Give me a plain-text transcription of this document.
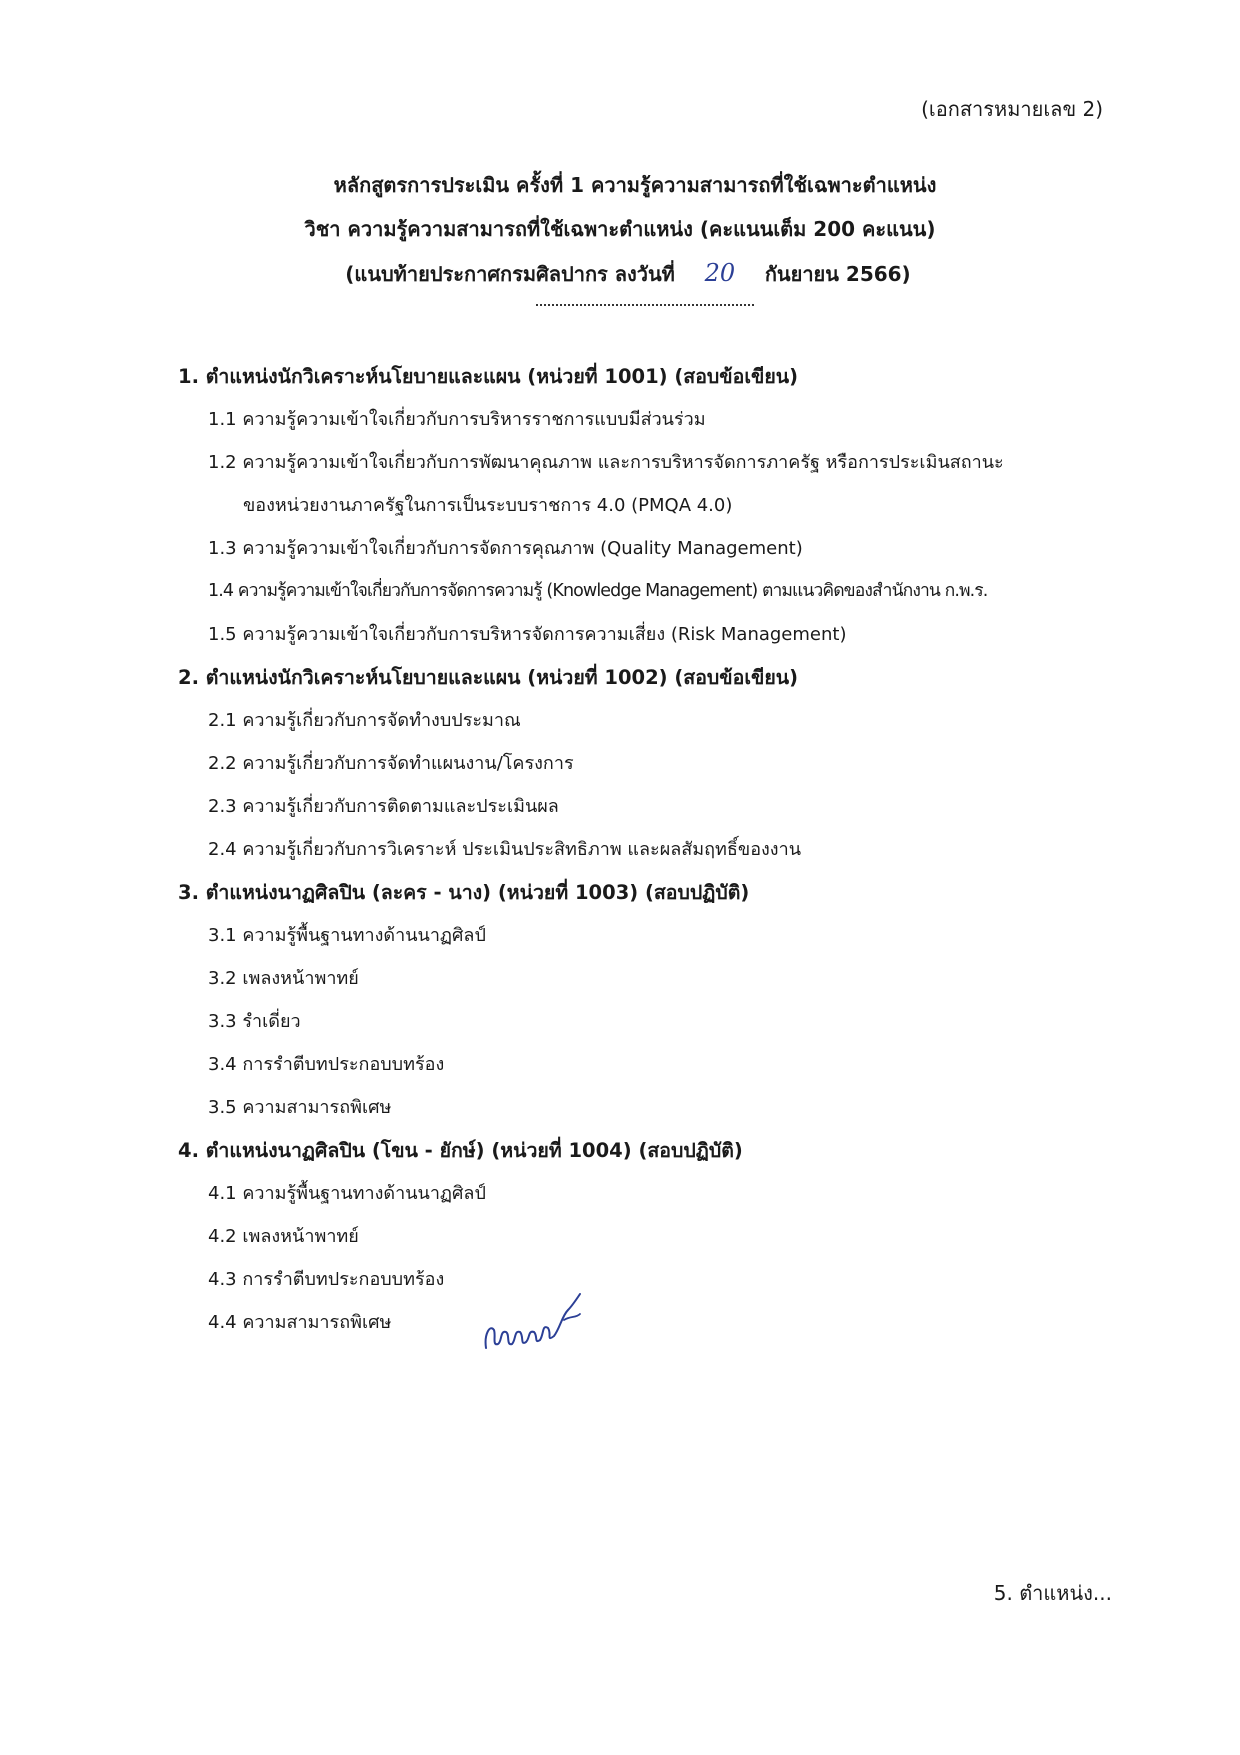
(เอกสารหมายเลข 2)
หลักสูตรการประเมิน ครั้งที่ 1 ความรู้ความสามารถที่ใช้เฉพาะตำแหน่ง
วิชา ความรู้ความสามารถที่ใช้เฉพาะตำแหน่ง (คะแนนเต็ม 200 คะแนน)
(แนบท้ายประกาศกรมศิลปากร ลงวันที่ 20 กันยายน 2566)
1. ตำแหน่งนักวิเคราะห์นโยบายและแผน (หน่วยที่ 1001) (สอบข้อเขียน)
1.1 ความรู้ความเข้าใจเกี่ยวกับการบริหารราชการแบบมีส่วนร่วม
1.2 ความรู้ความเข้าใจเกี่ยวกับการพัฒนาคุณภาพ และการบริหารจัดการภาครัฐ หรือการประเมินสถานะ
ของหน่วยงานภาครัฐในการเป็นระบบราชการ 4.0 (PMQA 4.0)
1.3 ความรู้ความเข้าใจเกี่ยวกับการจัดการคุณภาพ (Quality Management)
1.4 ความรู้ความเข้าใจเกี่ยวกับการจัดการความรู้ (Knowledge Management) ตามแนวคิดของสำนักงาน ก.พ.ร.
1.5 ความรู้ความเข้าใจเกี่ยวกับการบริหารจัดการความเสี่ยง (Risk Management)
2. ตำแหน่งนักวิเคราะห์นโยบายและแผน (หน่วยที่ 1002) (สอบข้อเขียน)
2.1 ความรู้เกี่ยวกับการจัดทำงบประมาณ
2.2 ความรู้เกี่ยวกับการจัดทำแผนงาน/โครงการ
2.3 ความรู้เกี่ยวกับการติดตามและประเมินผล
2.4 ความรู้เกี่ยวกับการวิเคราะห์ ประเมินประสิทธิภาพ และผลสัมฤทธิ์ของงาน
3. ตำแหน่งนาฏศิลปิน (ละคร - นาง) (หน่วยที่ 1003) (สอบปฏิบัติ)
3.1 ความรู้พื้นฐานทางด้านนาฏศิลป์
3.2 เพลงหน้าพาทย์
3.3 รำเดี่ยว
3.4 การรำตีบทประกอบบทร้อง
3.5 ความสามารถพิเศษ
4. ตำแหน่งนาฏศิลปิน (โขน - ยักษ์) (หน่วยที่ 1004) (สอบปฏิบัติ)
4.1 ความรู้พื้นฐานทางด้านนาฏศิลป์
4.2 เพลงหน้าพาทย์
4.3 การรำตีบทประกอบบทร้อง
4.4 ความสามารถพิเศษ
5. ตำแหน่ง...
